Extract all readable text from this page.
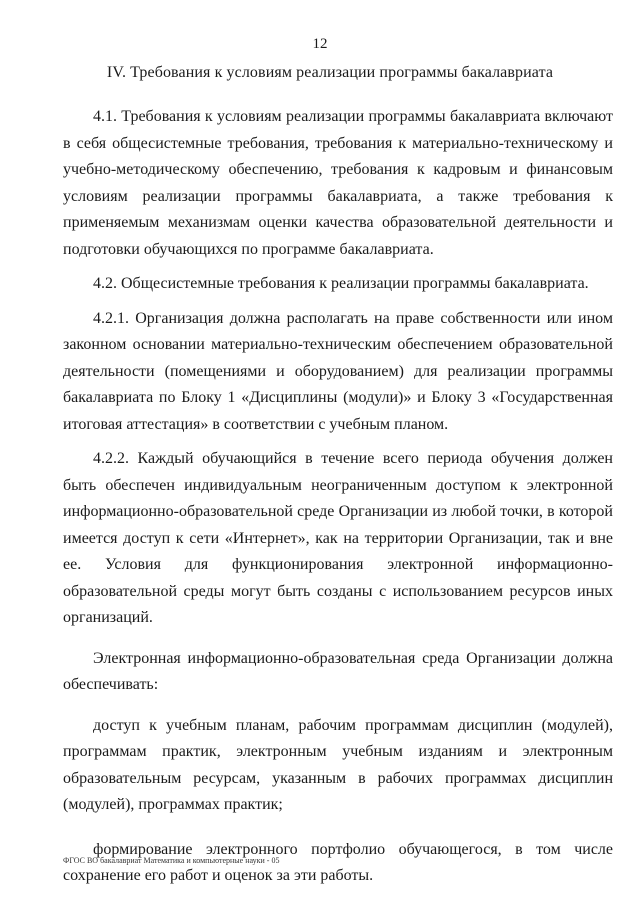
12
IV. Требования к условиям реализации программы бакалавриата

4.1. Требования к условиям реализации программы бакалавриата включают в себя общесистемные требования, требования к материально-техническому и учебно-методическому обеспечению, требования к кадровым и финансовым условиям реализации программы бакалавриата, а также требования к применяемым механизмам оценки качества образовательной деятельности и подготовки обучающихся по программе бакалавриата.

4.2. Общесистемные требования к реализации программы бакалавриата.

4.2.1. Организация должна располагать на праве собственности или ином законном основании материально-техническим обеспечением образовательной деятельности (помещениями и оборудованием) для реализации программы бакалавриата по Блоку 1 «Дисциплины (модули)» и Блоку 3 «Государственная итоговая аттестация» в соответствии с учебным планом.

4.2.2. Каждый обучающийся в течение всего периода обучения должен быть обеспечен индивидуальным неограниченным доступом к электронной информационно-образовательной среде Организации из любой точки, в которой имеется доступ к сети «Интернет», как на территории Организации, так и вне ее. Условия для функционирования электронной информационно-образовательной среды могут быть созданы с использованием ресурсов иных организаций.

Электронная информационно-образовательная среда Организации должна обеспечивать:

доступ к учебным планам, рабочим программам дисциплин (модулей), программам практик, электронным учебным изданиям и электронным образовательным ресурсам, указанным в рабочих программах дисциплин (модулей), программах практик;

формирование электронного портфолио обучающегося, в том числе сохранение его работ и оценок за эти работы.

ФГОС ВО бакалавриат Математика и компьютерные науки - 05
